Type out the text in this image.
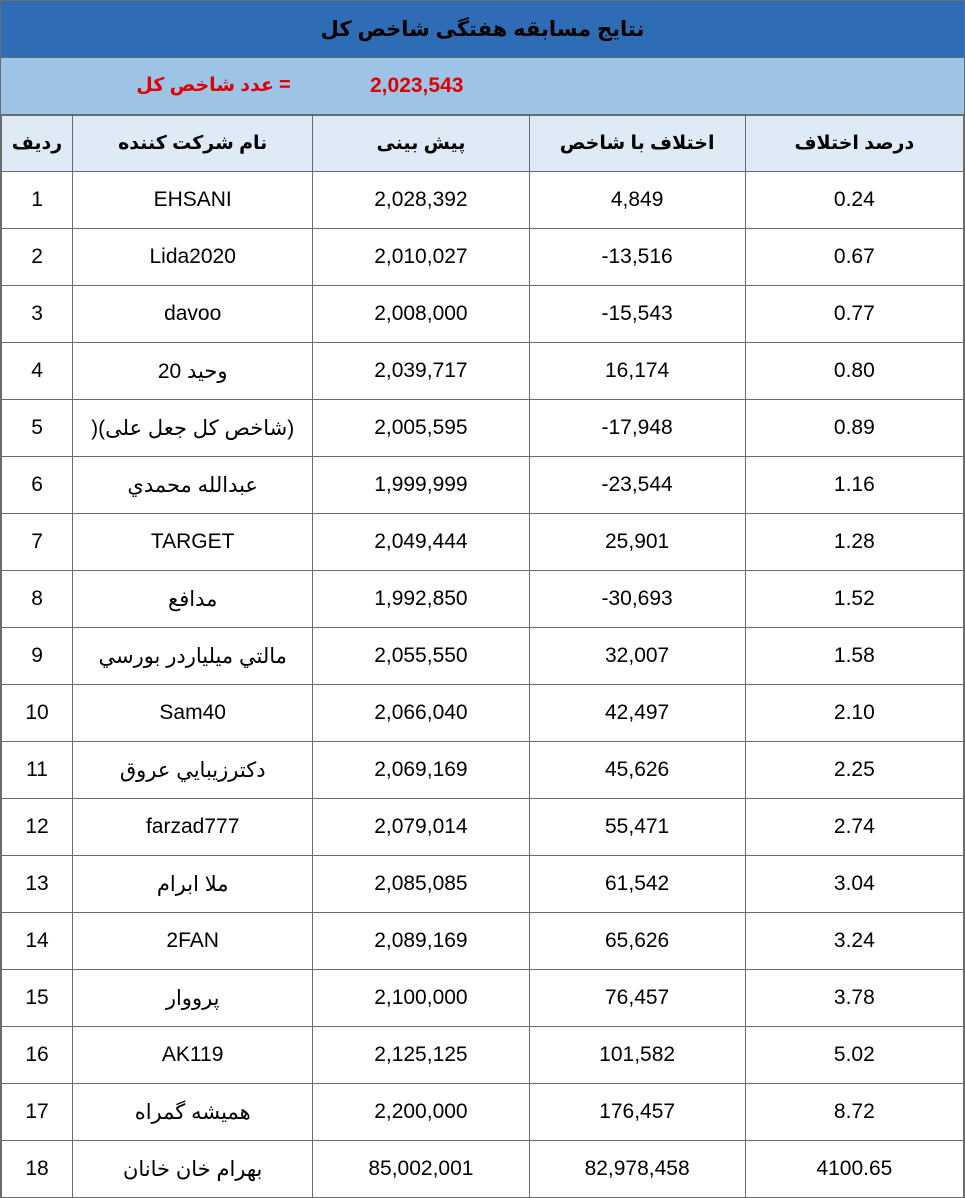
نتایج مسابقه هفتگی شاخص کل
2,023,543
=
عدد شاخص کل
ردیف	نام شرکت کننده	پیش بینی	اختلاف با شاخص	درصد اختلاف
1	EHSANI	2,028,392	4,849	0.24
2	Lida2020	2,010,027	-13,516	0.67
3	davoo	2,008,000	-15,543	0.77
4	وحید 20	2,039,717	16,174	0.80
5	(شاخص کل جعل علی)(	2,005,595	-17,948	0.89
6	عبدالله محمدي	1,999,999	-23,544	1.16
7	TARGET	2,049,444	25,901	1.28
8	مدافع	1,992,850	-30,693	1.52
9	مالتي ميلياردر بورسي	2,055,550	32,007	1.58
10	Sam40	2,066,040	42,497	2.10
11	دكترزيبايي عروق	2,069,169	45,626	2.25
12	farzad777	2,079,014	55,471	2.74
13	ملا ابرام	2,085,085	61,542	3.04
14	2FAN	2,089,169	65,626	3.24
15	پرووار	2,100,000	76,457	3.78
16	AK119	2,125,125	101,582	5.02
17	همیشه گمراه	2,200,000	176,457	8.72
18	بهرام خان خانان	85,002,001	82,978,458	4100.65
